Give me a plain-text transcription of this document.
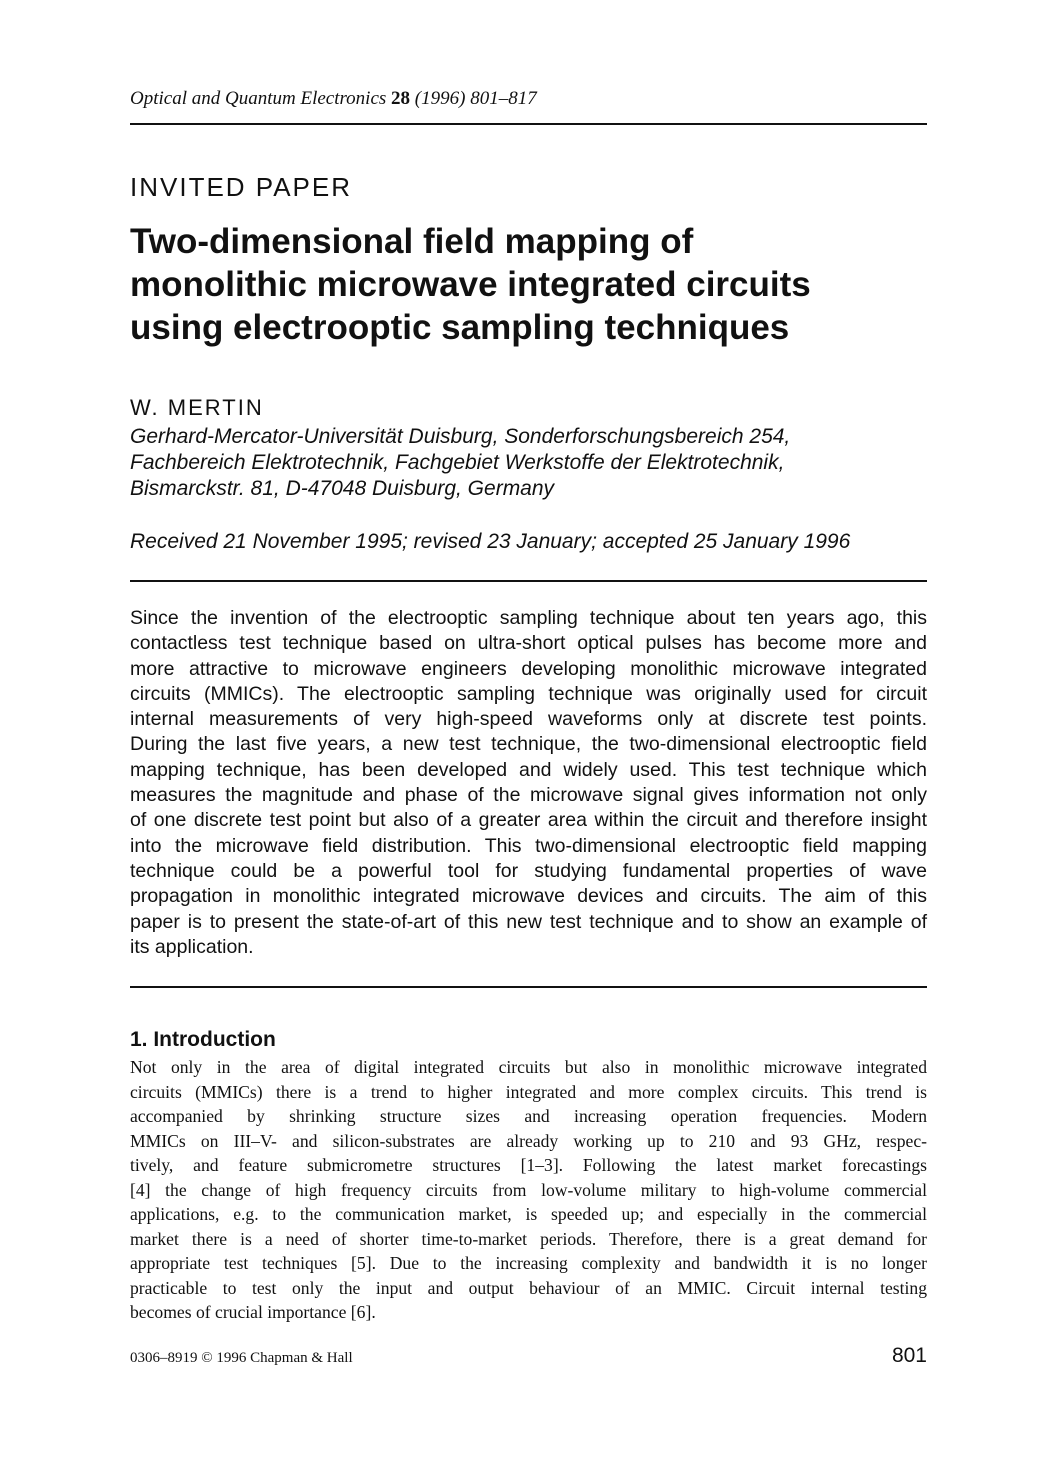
Optical and Quantum Electronics 28 (1996) 801–817
INVITED PAPER
Two-dimensional field mapping of
monolithic microwave integrated circuits
using electrooptic sampling techniques
W. MERTIN
Gerhard-Mercator-Universität Duisburg, Sonderforschungsbereich 254,
Fachbereich Elektrotechnik, Fachgebiet Werkstoffe der Elektrotechnik,
Bismarckstr. 81, D-47048 Duisburg, Germany
Received 21 November 1995; revised 23 January; accepted 25 January 1996
Since the invention of the electrooptic sampling technique about ten years ago, this
contactless test technique based on ultra-short optical pulses has become more and
more attractive to microwave engineers developing monolithic microwave integrated
circuits (MMICs). The electrooptic sampling technique was originally used for circuit
internal measurements of very high-speed waveforms only at discrete test points.
During the last five years, a new test technique, the two-dimensional electrooptic field
mapping technique, has been developed and widely used. This test technique which
measures the magnitude and phase of the microwave signal gives information not only
of one discrete test point but also of a greater area within the circuit and therefore insight
into the microwave field distribution. This two-dimensional electrooptic field mapping
technique could be a powerful tool for studying fundamental properties of wave
propagation in monolithic integrated microwave devices and circuits. The aim of this
paper is to present the state-of-art of this new test technique and to show an example of
its application.
1. Introduction
Not only in the area of digital integrated circuits but also in monolithic microwave integrated
circuits (MMICs) there is a trend to higher integrated and more complex circuits. This trend is
accompanied by shrinking structure sizes and increasing operation frequencies. Modern
MMICs on III–V- and silicon-substrates are already working up to 210 and 93 GHz, respec-
tively, and feature submicrometre structures [1–3]. Following the latest market forecastings
[4] the change of high frequency circuits from low-volume military to high-volume commercial
applications, e.g. to the communication market, is speeded up; and especially in the commercial
market there is a need of shorter time-to-market periods. Therefore, there is a great demand for
appropriate test techniques [5]. Due to the increasing complexity and bandwidth it is no longer
practicable to test only the input and output behaviour of an MMIC. Circuit internal testing
becomes of crucial importance [6].
0306–8919 © 1996 Chapman & Hall	801
